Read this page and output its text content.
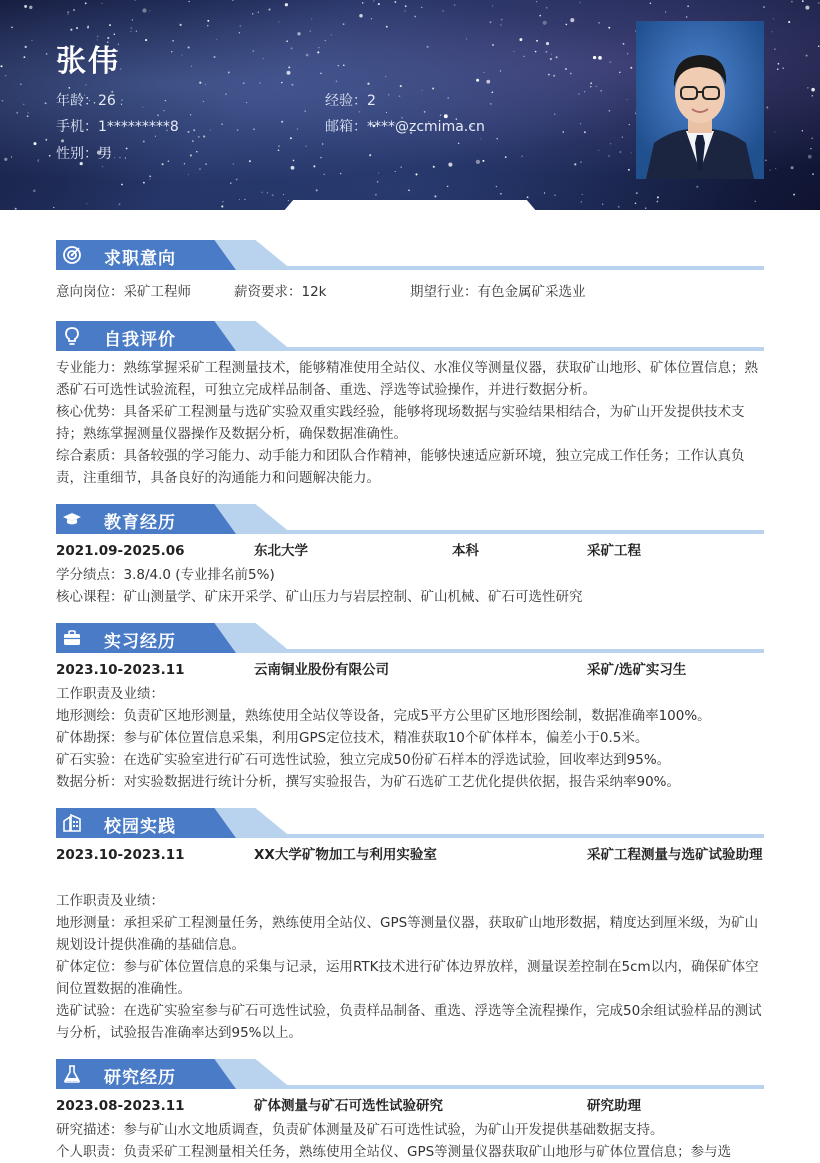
张伟
年龄：26	经验：2
手机：1*********8	邮箱：****@zcmima.cn
性别：男
求职意向
意向岗位：采矿工程师	薪资要求：12k	期望行业：有色金属矿采选业
自我评价
专业能力：熟练掌握采矿工程测量技术，能够精准使用全站仪、水准仪等测量仪器，获取矿山地形、矿体位置信息；熟悉矿石可选性试验流程，可独立完成样品制备、重选、浮选等试验操作，并进行数据分析。
核心优势：具备采矿工程测量与选矿实验双重实践经验，能够将现场数据与实验结果相结合，为矿山开发提供技术支持；熟练掌握测量仪器操作及数据分析，确保数据准确性。
综合素质：具备较强的学习能力、动手能力和团队合作精神，能够快速适应新环境，独立完成工作任务；工作认真负责，注重细节，具备良好的沟通能力和问题解决能力。
教育经历
2021.09-2025.06	东北大学	本科	采矿工程
学分绩点：3.8/4.0 (专业排名前5%)
核心课程：矿山测量学、矿床开采学、矿山压力与岩层控制、矿山机械、矿石可选性研究
实习经历
2023.10-2023.11	云南铜业股份有限公司	采矿/选矿实习生
工作职责及业绩：
地形测绘：负责矿区地形测量，熟练使用全站仪等设备，完成5平方公里矿区地形图绘制，数据准确率100%。
矿体勘探：参与矿体位置信息采集，利用GPS定位技术，精准获取10个矿体样本，偏差小于0.5米。
矿石实验：在选矿实验室进行矿石可选性试验，独立完成50份矿石样本的浮选试验，回收率达到95%。
数据分析：对实验数据进行统计分析，撰写实验报告，为矿石选矿工艺优化提供依据，报告采纳率90%。
校园实践
2023.10-2023.11	XX大学矿物加工与利用实验室	采矿工程测量与选矿试验助理
工作职责及业绩：
地形测量：承担采矿工程测量任务，熟练使用全站仪、GPS等测量仪器，获取矿山地形数据，精度达到厘米级，为矿山规划设计提供准确的基础信息。
矿体定位：参与矿体位置信息的采集与记录，运用RTK技术进行矿体边界放样，测量误差控制在5cm以内，确保矿体空间位置数据的准确性。
选矿试验：在选矿实验室参与矿石可选性试验，负责样品制备、重选、浮选等全流程操作，完成50余组试验样品的测试与分析，试验报告准确率达到95%以上。
研究经历
2023.08-2023.11	矿体测量与矿石可选性试验研究	研究助理
研究描述：参与矿山水文地质调查，负责矿体测量及矿石可选性试验，为矿山开发提供基础数据支持。
个人职责：负责采矿工程测量相关任务，熟练使用全站仪、GPS等测量仪器获取矿山地形与矿体位置信息；参与选
